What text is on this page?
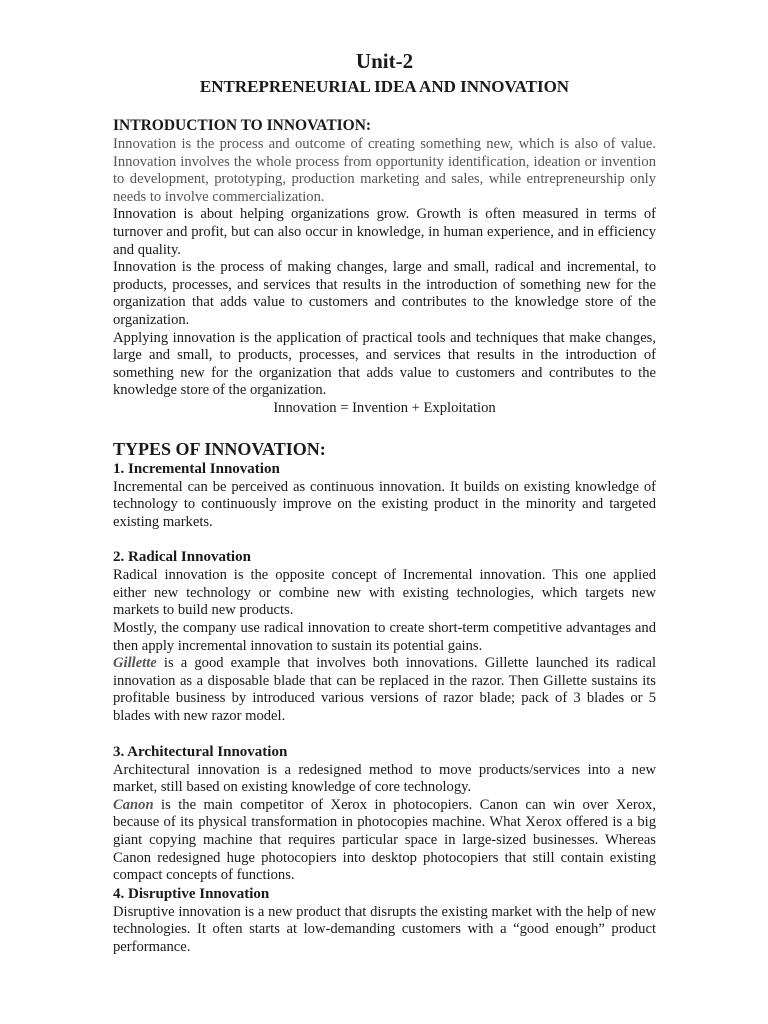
Unit-2
ENTREPRENEURIAL IDEA AND INNOVATION
INTRODUCTION TO INNOVATION:

Innovation is the process and outcome of creating something new, which is also of value. Innovation involves the whole process from opportunity identification, ideation or invention to development, prototyping, production marketing and sales, while entrepreneurship only needs to involve commercialization.

Innovation is about helping organizations grow. Growth is often measured in terms of turnover and profit, but can also occur in knowledge, in human experience, and in efficiency and quality.

Innovation is the process of making changes, large and small, radical and incremental, to products, processes, and services that results in the introduction of something new for the organization that adds value to customers and contributes to the knowledge store of the organization.

Applying innovation is the application of practical tools and techniques that make changes, large and small, to products, processes, and services that results in the introduction of something new for the organization that adds value to customers and contributes to the knowledge store of the organization.

Innovation = Invention + Exploitation
TYPES OF INNOVATION:
1. Incremental Innovation

Incremental can be perceived as continuous innovation. It builds on existing knowledge of technology to continuously improve on the existing product in the minority and targeted existing markets.

2. Radical Innovation

Radical innovation is the opposite concept of Incremental innovation. This one applied either new technology or combine new with existing technologies, which targets new markets to build new products.

Mostly, the company use radical innovation to create short-term competitive advantages and then apply incremental innovation to sustain its potential gains.

Gillette is a good example that involves both innovations. Gillette launched its radical innovation as a disposable blade that can be replaced in the razor. Then Gillette sustains its profitable business by introduced various versions of razor blade; pack of 3 blades or 5 blades with new razor model.

3. Architectural Innovation

Architectural innovation is a redesigned method to move products/services into a new market, still based on existing knowledge of core technology.

Canon is the main competitor of Xerox in photocopiers. Canon can win over Xerox, because of its physical transformation in photocopies machine. What Xerox offered is a big giant copying machine that requires particular space in large-sized businesses. Whereas Canon redesigned huge photocopiers into desktop photocopiers that still contain existing compact concepts of functions.

4. Disruptive Innovation

Disruptive innovation is a new product that disrupts the existing market with the help of new technologies. It often starts at low-demanding customers with a “good enough” product performance.
